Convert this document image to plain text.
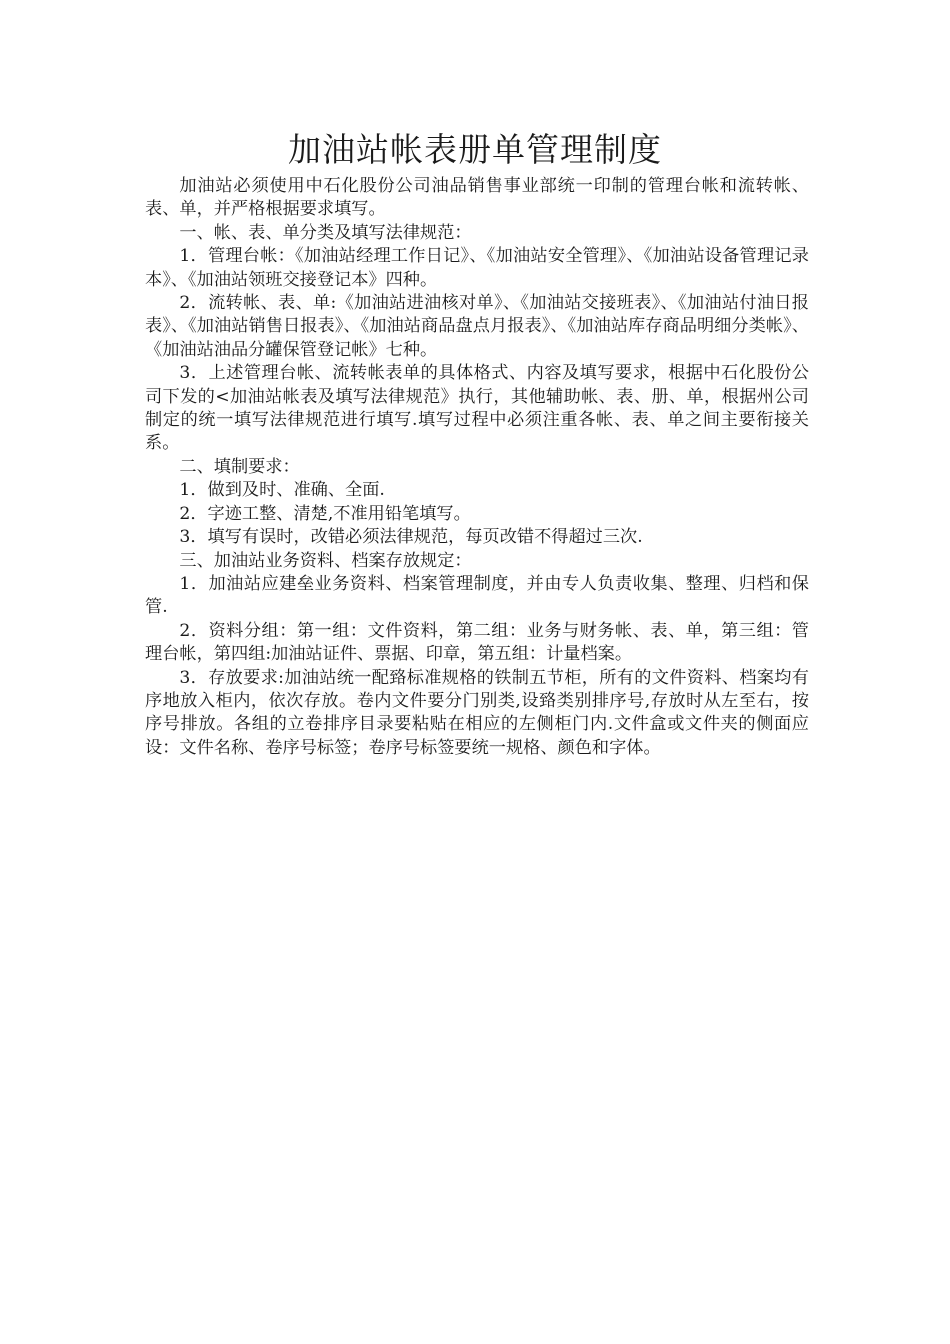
加油站帐表册单管理制度

加油站必须使用中石化股份公司油品销售事业部统一印制的管理台帐和流转帐、表、单，并严格根据要求填写。

一、帐、表、单分类及填写法律规范：

1．管理台帐：《加油站经理工作日记》、《加油站安全管理》、《加油站设备管理记录本》、《加油站领班交接登记本》四种。

2．流转帐、表、单:《加油站进油核对单》、《加油站交接班表》、《加油站付油日报表》、《加油站销售日报表》、《加油站商品盘点月报表》、《加油站库存商品明细分类帐》、《加油站油品分罐保管登记帐》七种。

3．上述管理台帐、流转帐表单的具体格式、内容及填写要求，根据中石化股份公司下发的<加油站帐表及填写法律规范》执行，其他辅助帐、表、册、单，根据州公司制定的统一填写法律规范进行填写.填写过程中必须注重各帐、表、单之间主要衔接关系。

二、填制要求：

1．做到及时、准确、全面.

2．字迹工整、清楚,不准用铅笔填写。

3．填写有误时，改错必须法律规范，每页改错不得超过三次.

三、加油站业务资料、档案存放规定：

1．加油站应建垒业务资料、档案管理制度，并由专人负责收集、整理、归档和保管.

2．资料分组：第一组：文件资料，第二组：业务与财务帐、表、单，第三组：管理台帐，第四组:加油站证件、票据、印章，第五组：计量档案。

3．存放要求:加油站统一配臵标准规格的铁制五节柜，所有的文件资料、档案均有序地放入柜内，依次存放。卷内文件要分门别类,设臵类别排序号,存放时从左至右，按序号排放。各组的立卷排序目录要粘贴在相应的左侧柜门内.文件盒或文件夹的侧面应设：文件名称、卷序号标签；卷序号标签要统一规格、颜色和字体。
